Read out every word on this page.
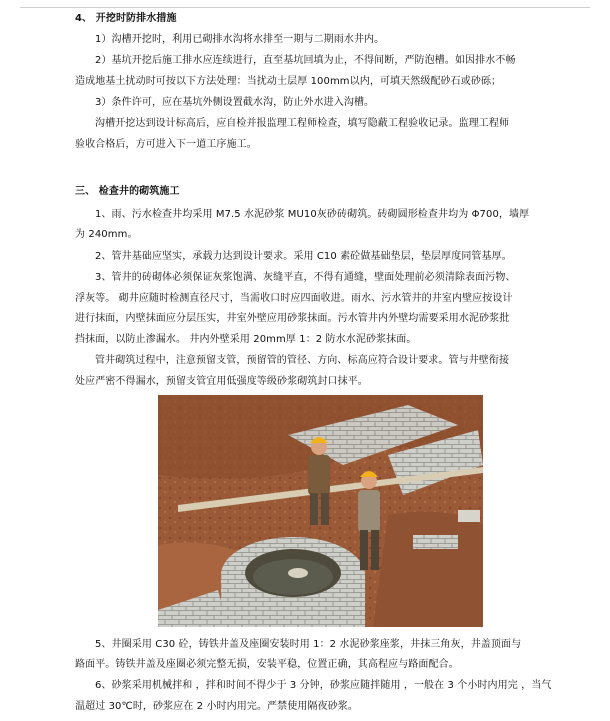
4、 开挖时防排水措施
1）沟槽开挖时，利用已砌排水沟将水排至一期与二期雨水井内。
2）基坑开挖后施工排水应连续进行，直至基坑回填为止，不得间断，严防泡槽。如因排水不畅
造成地基土扰动时可按以下方法处理：当扰动土层厚 100mm以内，可填天然级配砂石或砂砾；
3）条件许可，应在基坑外侧设置截水沟，防止外水进入沟槽。
沟槽开挖达到设计标高后，应自检并报监理工程师检查，填写隐蔽工程验收记录。监理工程师
验收合格后，方可进入下一道工序施工。
三、 检查井的砌筑施工
1、雨、污水检查井均采用 M7.5 水泥砂浆 MU10灰砂砖砌筑。砖砌圆形检查井均为 Φ700，墙厚
为 240mm。
2、管井基础应坚实，承载力达到设计要求。采用 C10 素砼做基础垫层，垫层厚度同管基厚。
3、管井的砖砌体必须保证灰浆饱满、灰缝平直，不得有通缝，壁面处理前必须清除表面污物、
浮灰等。 砌井应随时检测直径尺寸，当需收口时应四面收进。雨水、污水管井的井室内壁应按设计
进行抹面，内壁抹面应分层压实，井室外壁应用砂浆抹面。污水管井内外壁均需要采用水泥砂浆批
挡抹面，以防止渗漏水。 井内外壁采用 20mm厚 1：2 防水水泥砂浆抹面。
管井砌筑过程中，注意预留支管，预留管的管径、方向、标高应符合设计要求。管与井壁衔接
处应严密不得漏水，预留支管宜用低强度等级砂浆砌筑封口抹平。
5、井圈采用 C30 砼，铸铁井盖及座圈安装时用 1：2 水泥砂浆座浆，井抹三角灰，井盖顶面与
路面平。铸铁井盖及座圈必须完整无损，安装平稳，位置正确，其高程应与路面配合。
6、砂浆采用机械拌和 ，拌和时间不得少于 3 分钟，砂浆应随拌随用 ，一般在 3 个小时内用完 ，当气
温超过 30℃时，砂浆应在 2 小时内用完。严禁使用隔夜砂浆。
